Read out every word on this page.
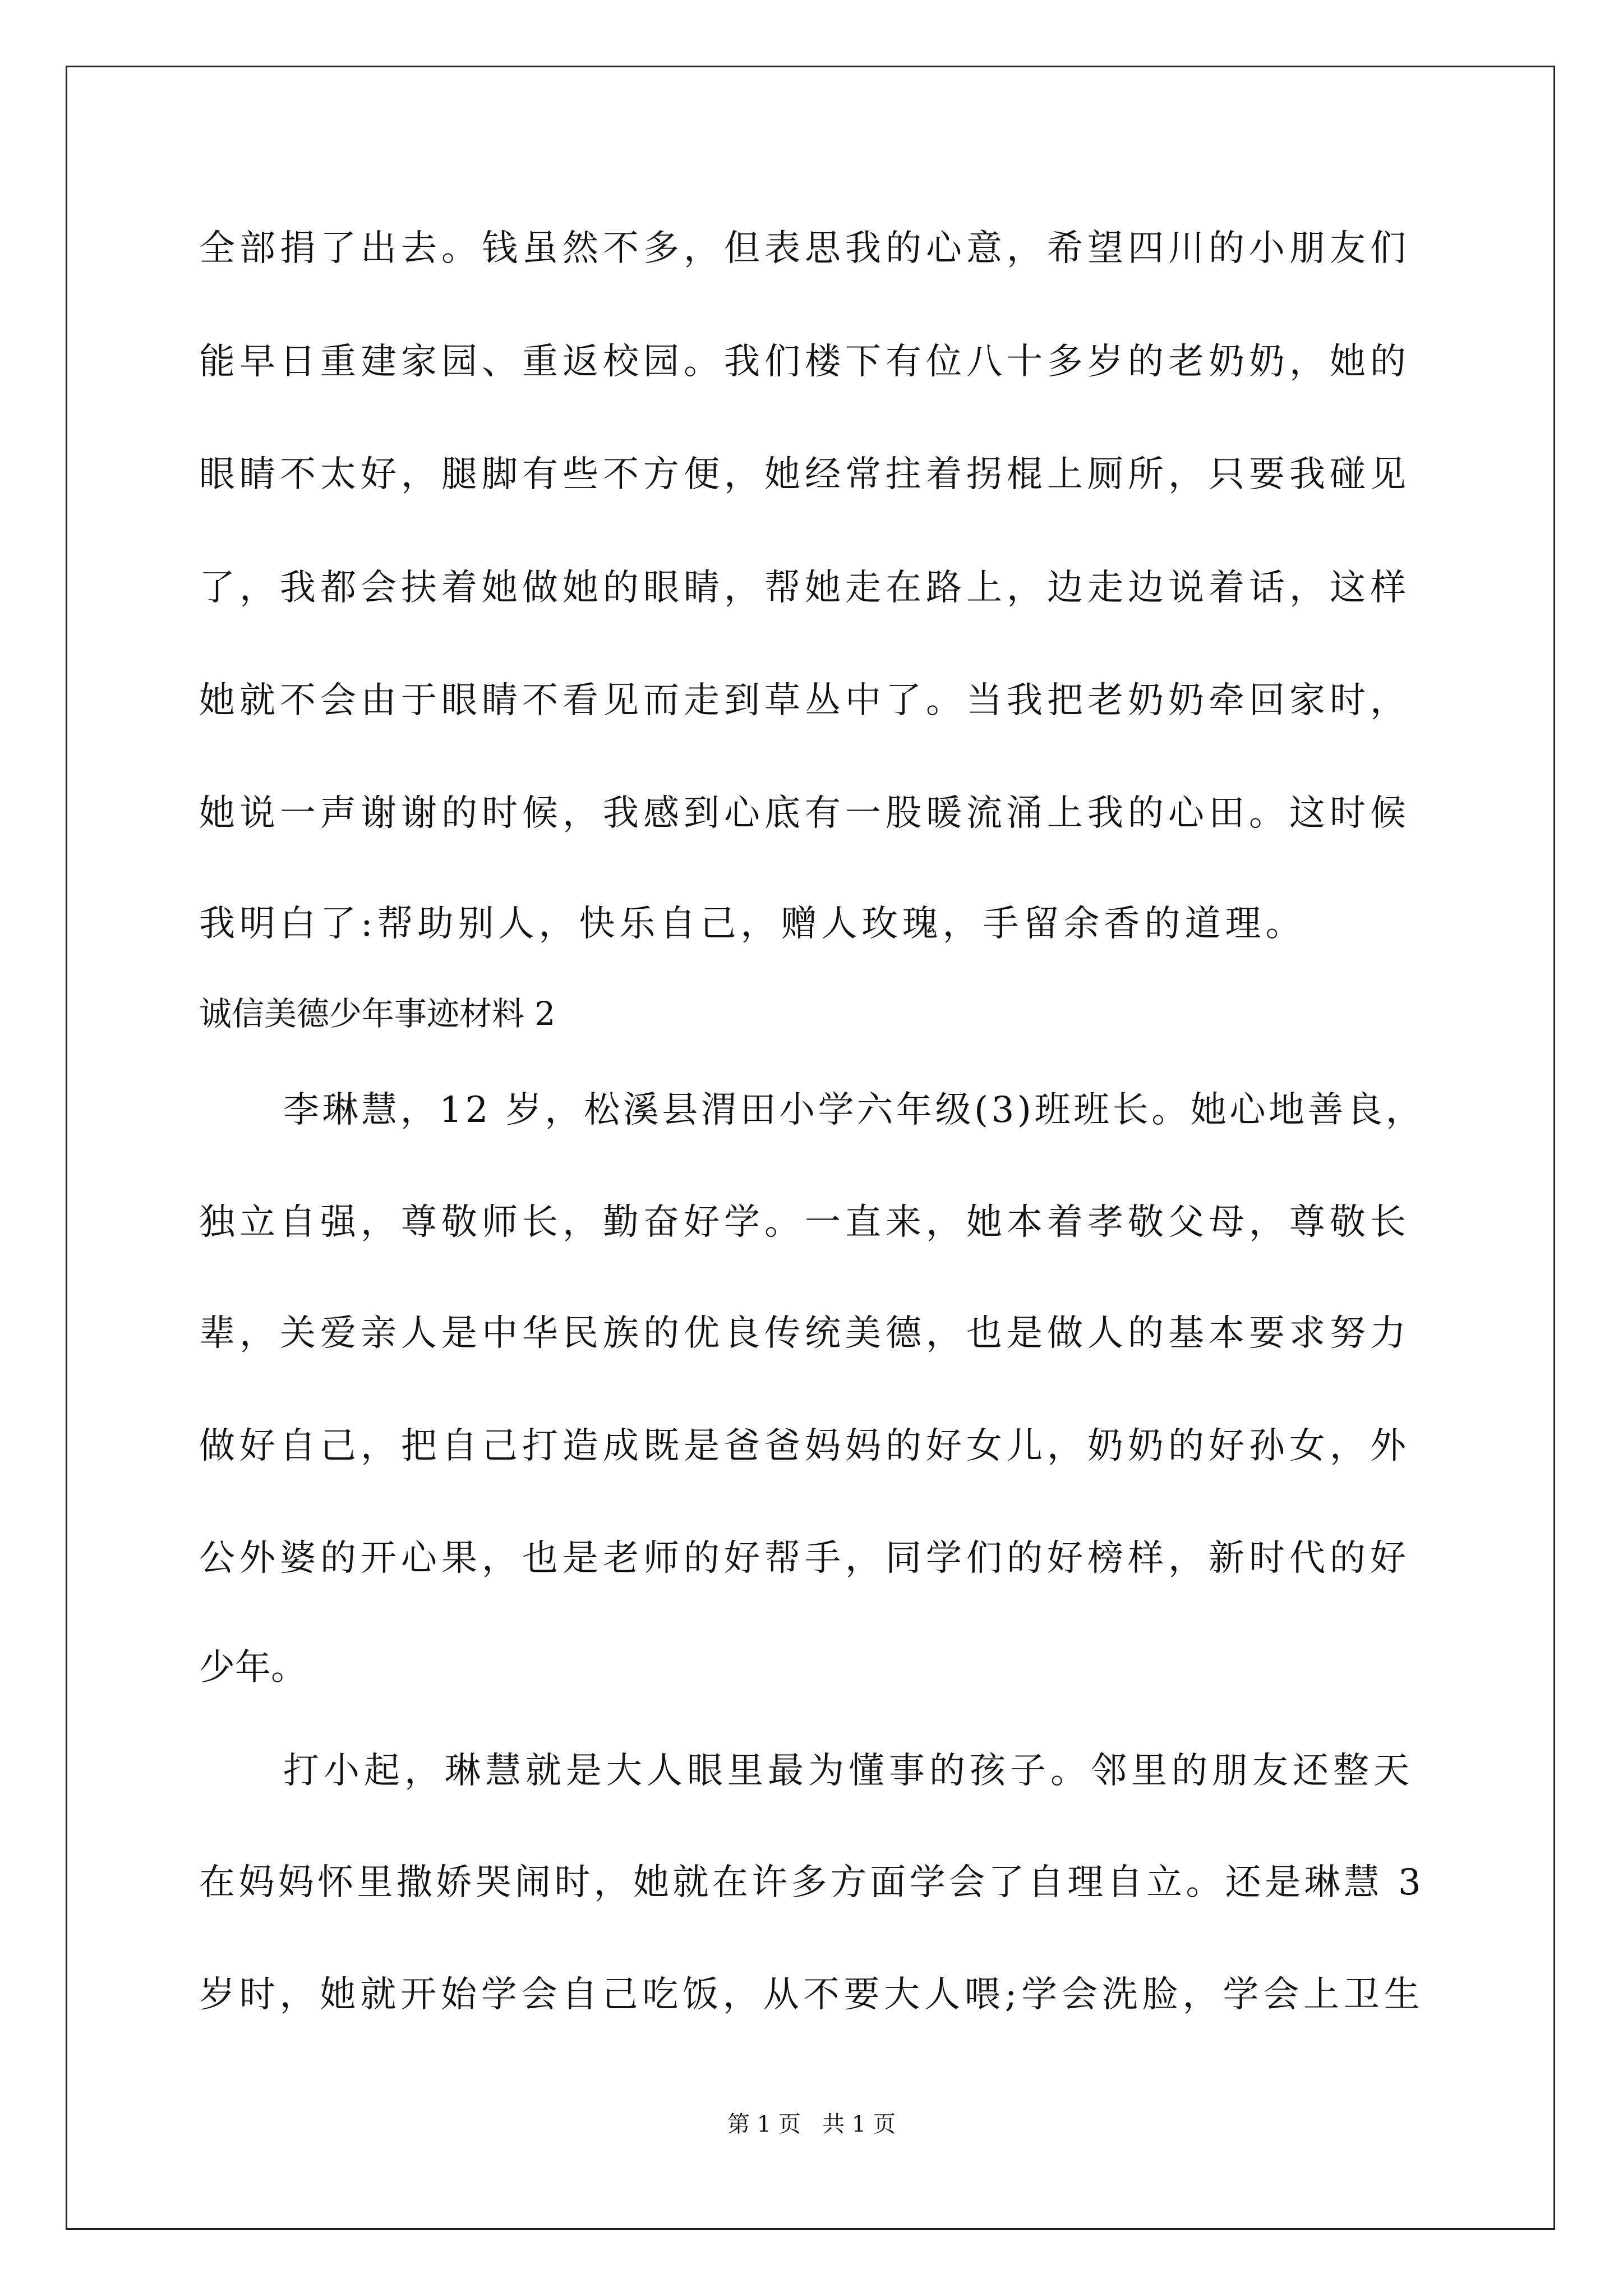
全部捐了出去。钱虽然不多，但表思我的心意，希望四川的小朋友们
能早日重建家园、重返校园。我们楼下有位八十多岁的老奶奶，她的
眼睛不太好，腿脚有些不方便，她经常拄着拐棍上厕所，只要我碰见
了，我都会扶着她做她的眼睛，帮她走在路上，边走边说着话，这样
她就不会由于眼睛不看见而走到草丛中了。当我把老奶奶牵回家时，
她说一声谢谢的时候，我感到心底有一股暖流涌上我的心田。这时候
我明白了:帮助别人，快乐自己，赠人玫瑰，手留余香的道理。
诚信美德少年事迹材料 2
李琳慧，12 岁，松溪县渭田小学六年级(3)班班长。她心地善良，
独立自强，尊敬师长，勤奋好学。一直来，她本着孝敬父母，尊敬长
辈，关爱亲人是中华民族的优良传统美德，也是做人的基本要求努力
做好自己，把自己打造成既是爸爸妈妈的好女儿，奶奶的好孙女，外
公外婆的开心果，也是老师的好帮手，同学们的好榜样，新时代的好
少年。
打小起，琳慧就是大人眼里最为懂事的孩子。邻里的朋友还整天
在妈妈怀里撒娇哭闹时，她就在许多方面学会了自理自立。还是琳慧 3
岁时，她就开始学会自己吃饭，从不要大人喂;学会洗脸，学会上卫生
第 1 页   共 1 页
